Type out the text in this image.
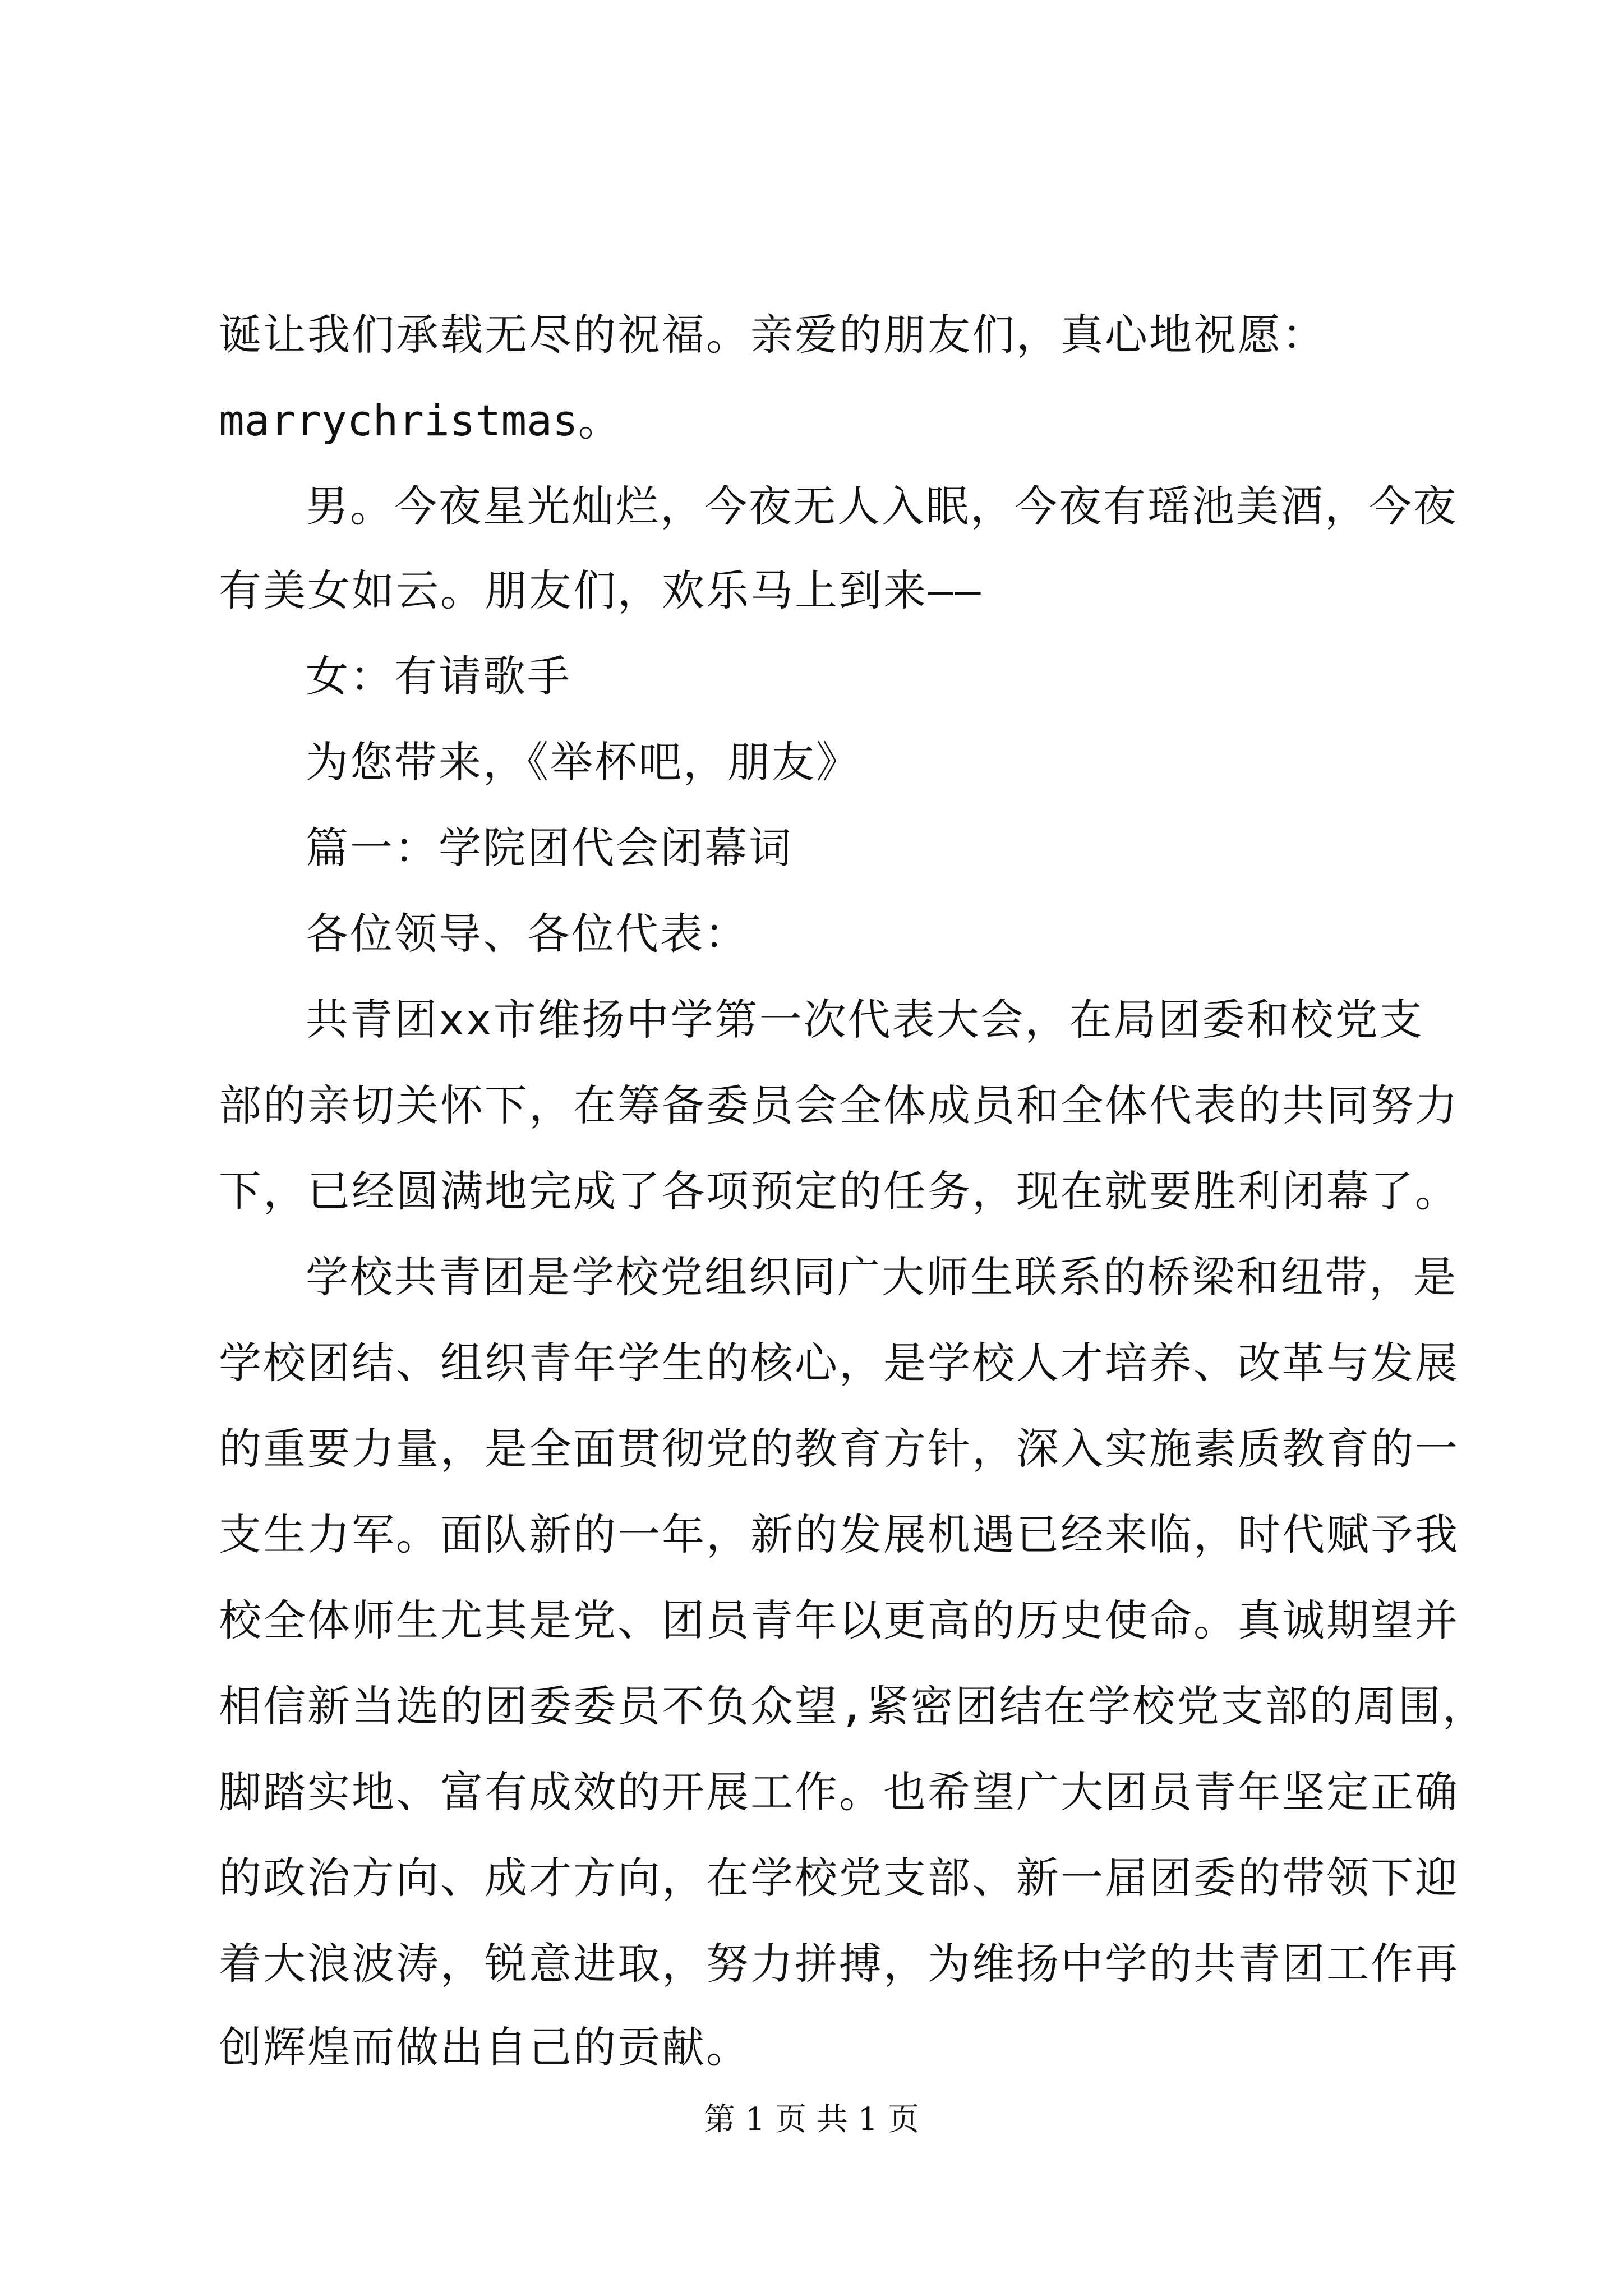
诞让我们承载无尽的祝福。亲爱的朋友们，真心地祝愿：
marrychristmas。
男。今夜星光灿烂，今夜无人入眠，今夜有瑶池美酒，今夜
有美女如云。朋友们，欢乐马上到来——
女：有请歌手
为您带来，《举杯吧，朋友》
篇一：学院团代会闭幕词
各位领导、各位代表：
共青团xx市维扬中学第一次代表大会，在局团委和校党支
部的亲切关怀下，在筹备委员会全体成员和全体代表的共同努力
下，已经圆满地完成了各项预定的任务，现在就要胜利闭幕了。
学校共青团是学校党组织同广大师生联系的桥梁和纽带，是
学校团结、组织青年学生的核心，是学校人才培养、改革与发展
的重要力量，是全面贯彻党的教育方针，深入实施素质教育的一
支生力军。面队新的一年，新的发展机遇已经来临，时代赋予我
校全体师生尤其是党、团员青年以更高的历史使命。真诚期望并
相信新当选的团委委员不负众望,紧密团结在学校党支部的周围，
脚踏实地、富有成效的开展工作。也希望广大团员青年坚定正确
的政治方向、成才方向，在学校党支部、新一届团委的带领下迎
着大浪波涛，锐意进取，努力拼搏，为维扬中学的共青团工作再
创辉煌而做出自己的贡献。
第 1 页 共 1 页
